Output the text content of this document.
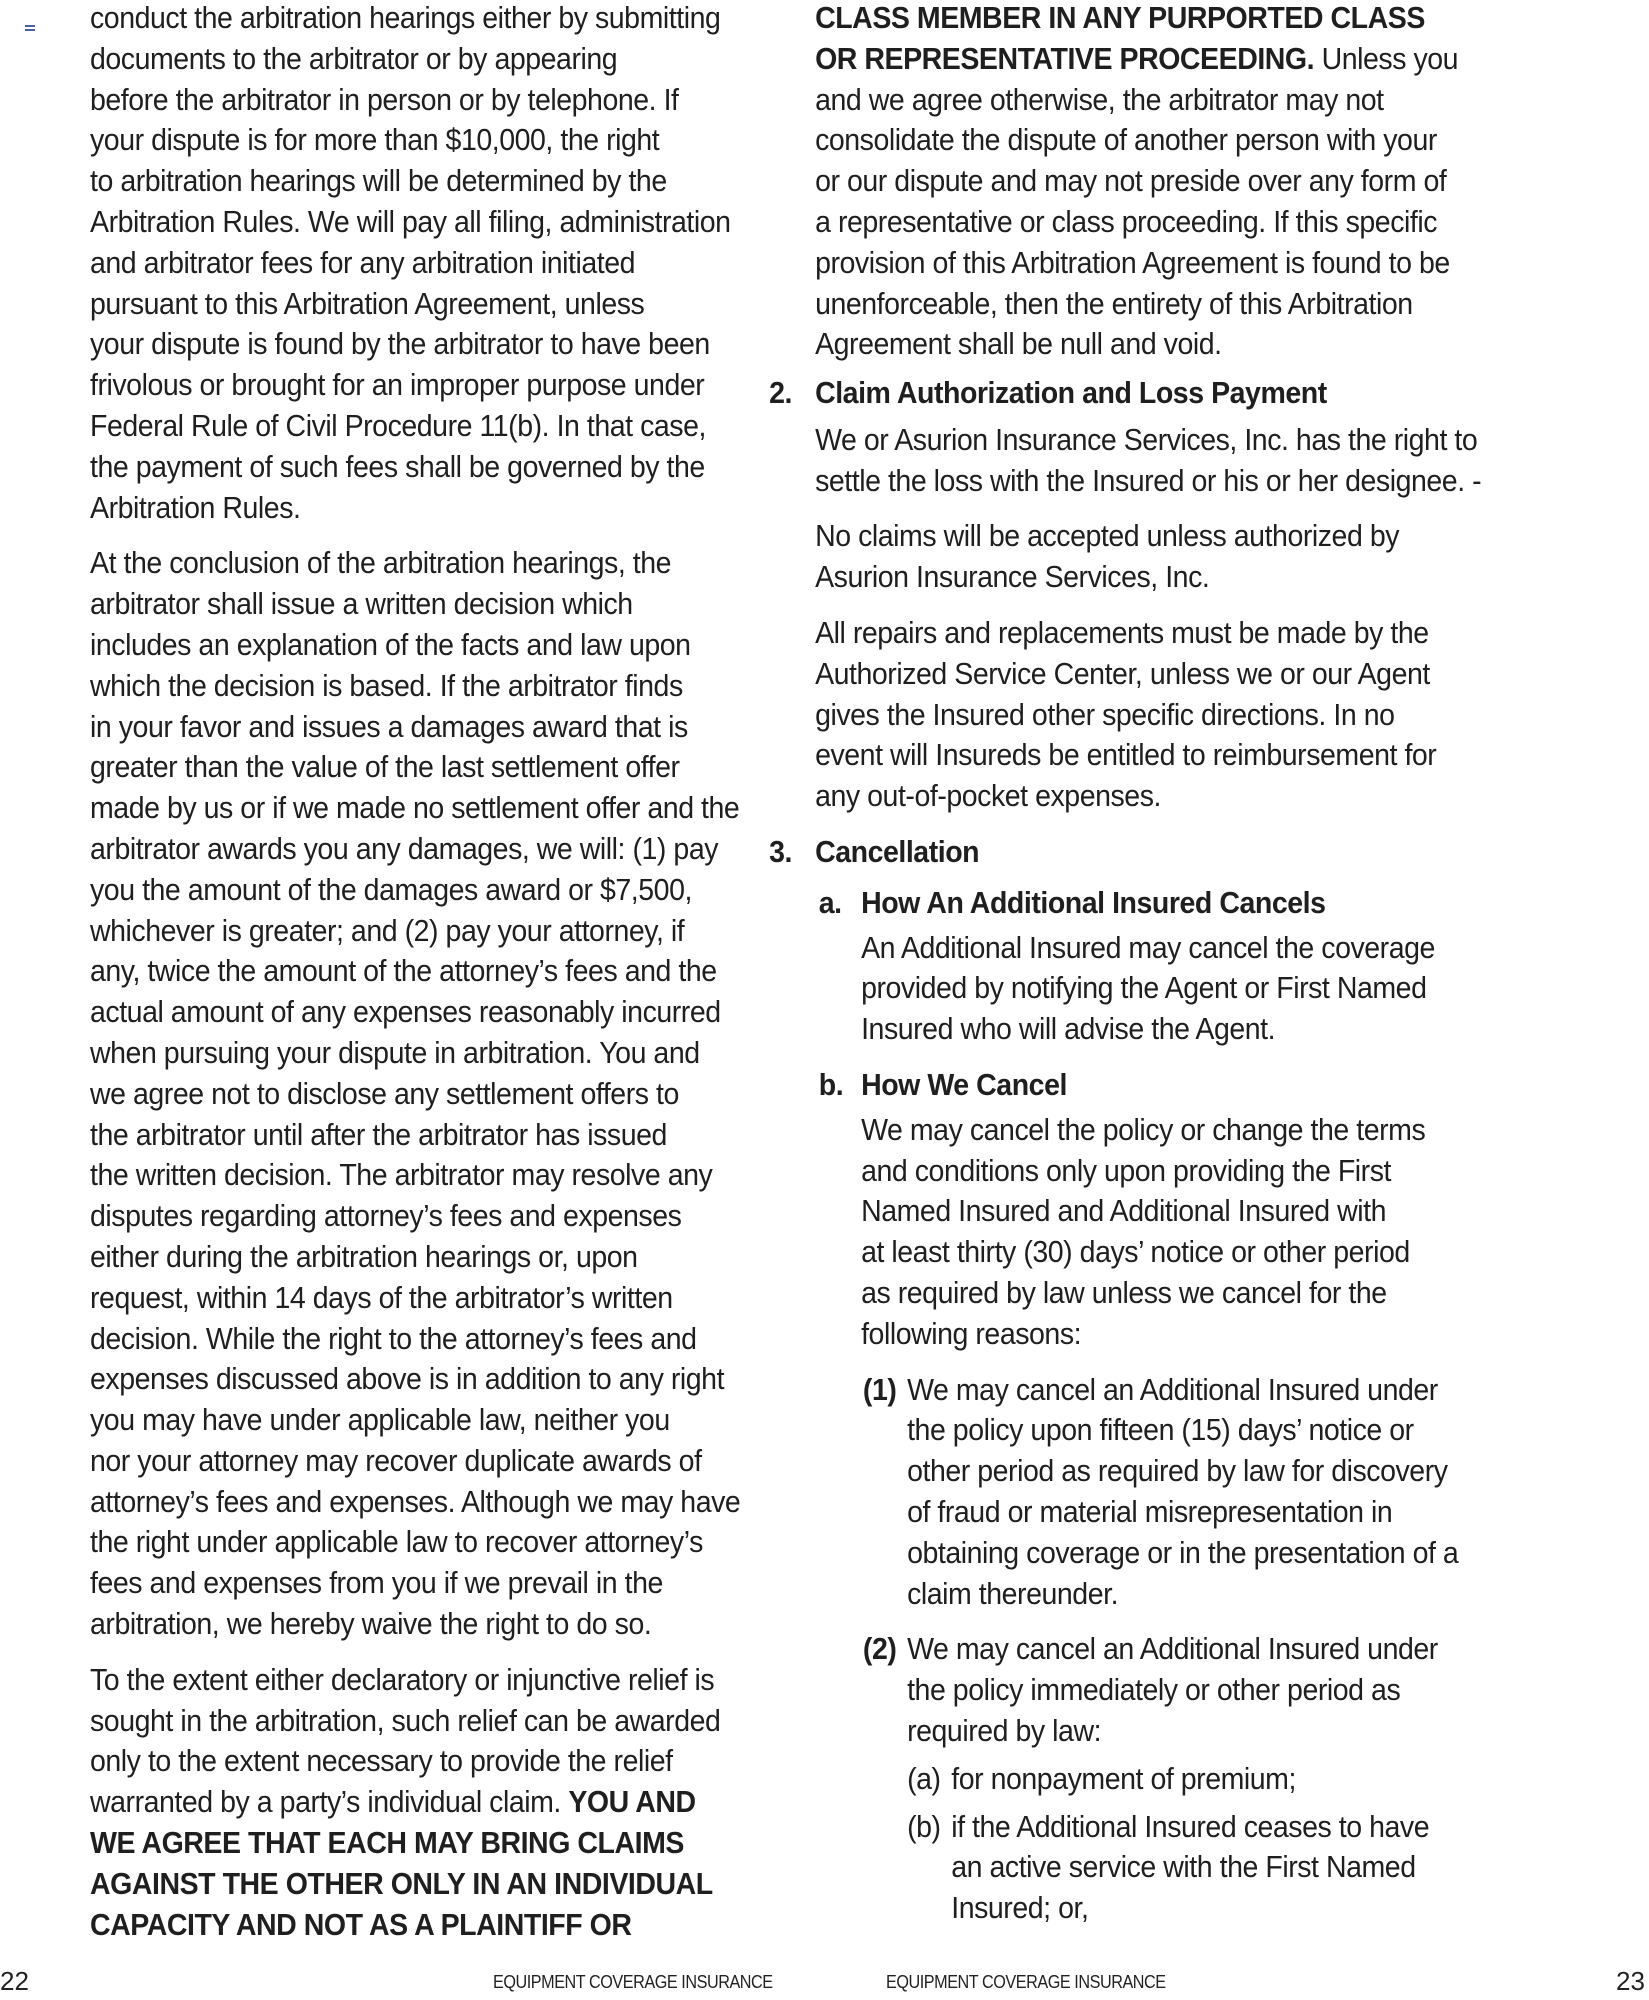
conduct the arbitration hearings either by submitting
documents to the arbitrator or by appearing
before the arbitrator in person or by telephone. If
your dispute is for more than $10,000, the right
to arbitration hearings will be determined by the
Arbitration Rules. We will pay all filing, administration
and arbitrator fees for any arbitration initiated
pursuant to this Arbitration Agreement, unless
your dispute is found by the arbitrator to have been
frivolous or brought for an improper purpose under
Federal Rule of Civil Procedure 11(b). In that case,
the payment of such fees shall be governed by the
Arbitration Rules.

At the conclusion of the arbitration hearings, the
arbitrator shall issue a written decision which
includes an explanation of the facts and law upon
which the decision is based. If the arbitrator finds
in your favor and issues a damages award that is
greater than the value of the last settlement offer
made by us or if we made no settlement offer and the
arbitrator awards you any damages, we will: (1) pay
you the amount of the damages award or $7,500,
whichever is greater; and (2) pay your attorney, if
any, twice the amount of the attorney’s fees and the
actual amount of any expenses reasonably incurred
when pursuing your dispute in arbitration. You and
we agree not to disclose any settlement offers to
the arbitrator until after the arbitrator has issued
the written decision. The arbitrator may resolve any
disputes regarding attorney’s fees and expenses
either during the arbitration hearings or, upon
request, within 14 days of the arbitrator’s written
decision. While the right to the attorney’s fees and
expenses discussed above is in addition to any right
you may have under applicable law, neither you
nor your attorney may recover duplicate awards of
attorney’s fees and expenses. Although we may have
the right under applicable law to recover attorney’s
fees and expenses from you if we prevail in the
arbitration, we hereby waive the right to do so.

To the extent either declaratory or injunctive relief is
sought in the arbitration, such relief can be awarded
only to the extent necessary to provide the relief
warranted by a party’s individual claim. YOU AND
WE AGREE THAT EACH MAY BRING CLAIMS
AGAINST THE OTHER ONLY IN AN INDIVIDUAL
CAPACITY AND NOT AS A PLAINTIFF OR

22	EQUIPMENT COVERAGE INSURANCE

CLASS MEMBER IN ANY PURPORTED CLASS
OR REPRESENTATIVE PROCEEDING. Unless you
and we agree otherwise, the arbitrator may not
consolidate the dispute of another person with your
or our dispute and may not preside over any form of
a representative or class proceeding. If this specific
provision of this Arbitration Agreement is found to be
unenforceable, then the entirety of this Arbitration
Agreement shall be null and void.

2. Claim Authorization and Loss Payment

We or Asurion Insurance Services, Inc. has the right to
settle the loss with the Insured or his or her designee. -

No claims will be accepted unless authorized by
Asurion Insurance Services, Inc.

All repairs and replacements must be made by the
Authorized Service Center, unless we or our Agent
gives the Insured other specific directions. In no
event will Insureds be entitled to reimbursement for
any out-of-pocket expenses.

3. Cancellation
a. How An Additional Insured Cancels

An Additional Insured may cancel the coverage
provided by notifying the Agent or First Named
Insured who will advise the Agent.

b. How We Cancel

We may cancel the policy or change the terms
and conditions only upon providing the First
Named Insured and Additional Insured with
at least thirty (30) days’ notice or other period
as required by law unless we cancel for the
following reasons:

(1) We may cancel an Additional Insured under
the policy upon fifteen (15) days’ notice or
other period as required by law for discovery
of fraud or material misrepresentation in
obtaining coverage or in the presentation of a
claim thereunder.

(2) We may cancel an Additional Insured under
the policy immediately or other period as
required by law:

(a) for nonpayment of premium;

(b) if the Additional Insured ceases to have
an active service with the First Named
Insured; or,

EQUIPMENT COVERAGE INSURANCE	23
